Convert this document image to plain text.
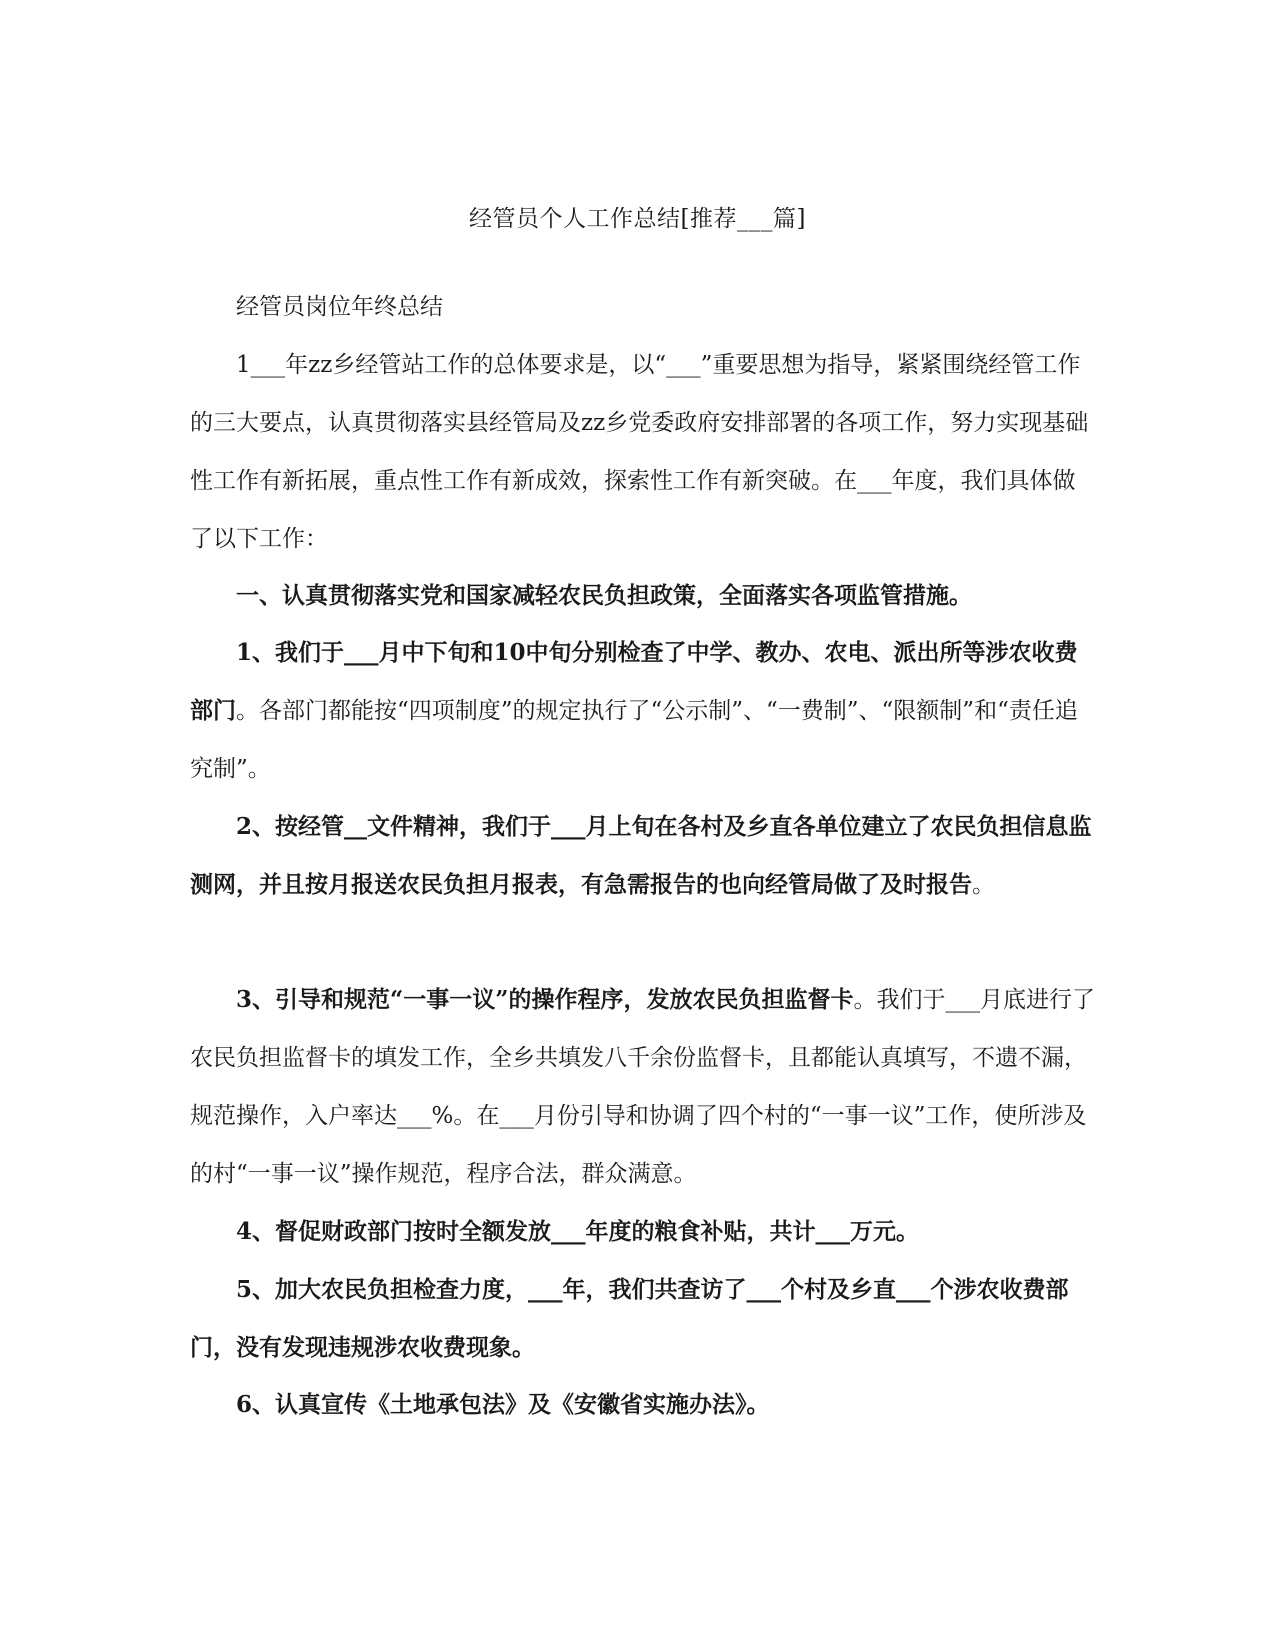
经管员个人工作总结[推荐___篇]

经管员岗位年终总结

1___年zz乡经管站工作的总体要求是，以“___”重要思想为指导，紧紧围绕经管工作的三大要点，认真贯彻落实县经管局及zz乡党委政府安排部署的各项工作，努力实现基础性工作有新拓展，重点性工作有新成效，探索性工作有新突破。在___年度，我们具体做了以下工作：

一、认真贯彻落实党和国家减轻农民负担政策，全面落实各项监管措施。

1、我们于___月中下旬和10中旬分别检查了中学、教办、农电、派出所等涉农收费部门。各部门都能按“四项制度”的规定执行了“公示制”、“一费制”、“限额制”和“责任追究制”。

2、按经管__文件精神，我们于___月上旬在各村及乡直各单位建立了农民负担信息监测网，并且按月报送农民负担月报表，有急需报告的也向经管局做了及时报告。

3、引导和规范“一事一议”的操作程序，发放农民负担监督卡。我们于___月底进行了农民负担监督卡的填发工作，全乡共填发八千余份监督卡，且都能认真填写，不遗不漏，规范操作，入户率达___%。在___月份引导和协调了四个村的“一事一议”工作，使所涉及的村“一事一议”操作规范，程序合法，群众满意。

4、督促财政部门按时全额发放___年度的粮食补贴，共计___万元。

5、加大农民负担检查力度，___年，我们共查访了___个村及乡直___个涉农收费部门，没有发现违规涉农收费现象。

6、认真宣传《土地承包法》及《安徽省实施办法》。
